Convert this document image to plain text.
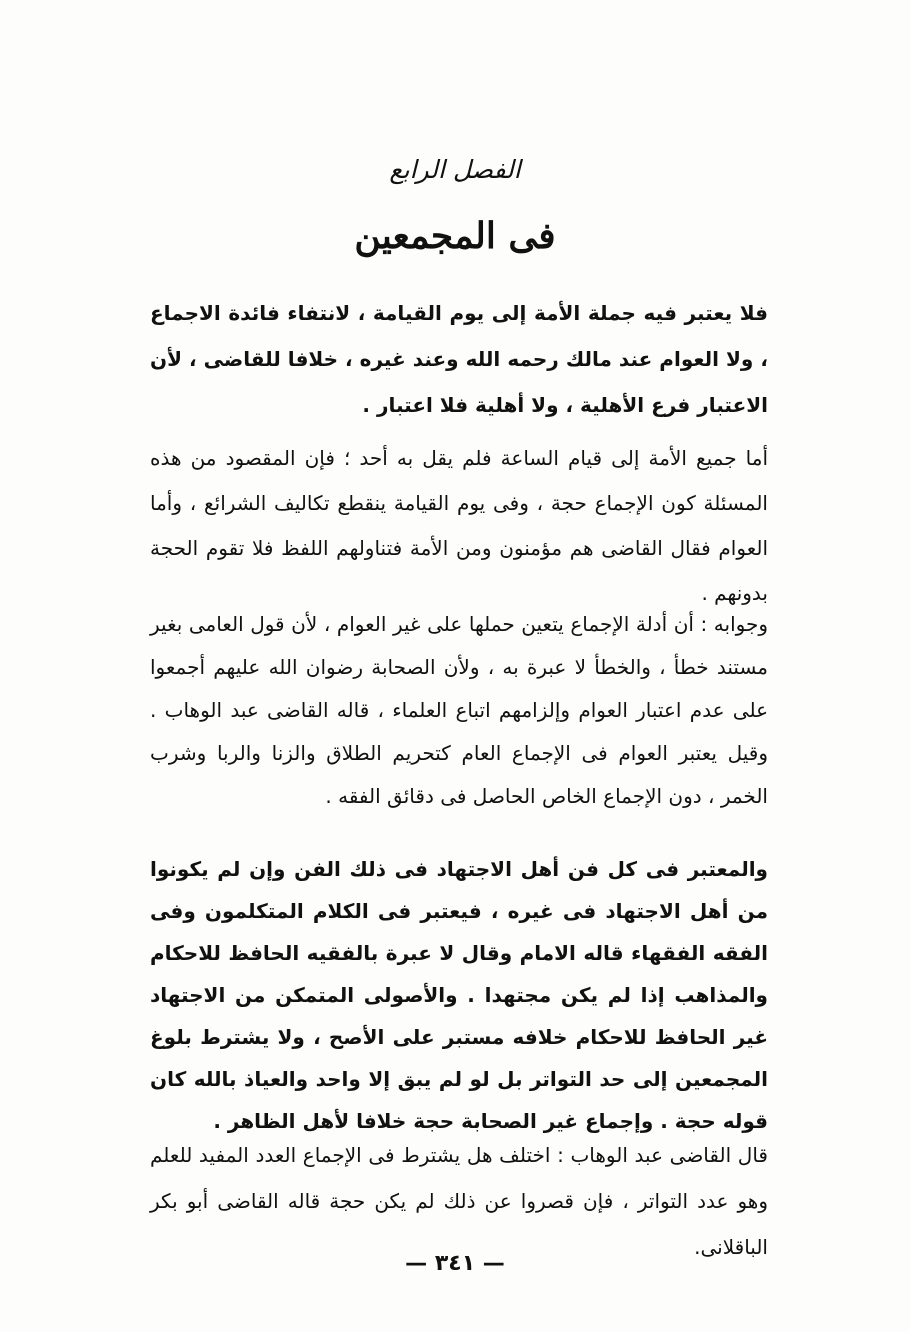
الفصل الرابع
فى المجمعين

فلا يعتبر فيه جملة الأمة إلى يوم القيامة ، لانتفاء فائدة الاجماع ، ولا العوام عند مالك رحمه الله وعند غيره ، خلافا للقاضى ، لأن الاعتبار فرع الأهلية ، ولا أهلية فلا اعتبار .

أما جميع الأمة إلى قيام الساعة فلم يقل به أحد ؛ فإن المقصود من هذه المسئلة كون الإجماع حجة ، وفى يوم القيامة ينقطع تكاليف الشرائع ، وأما العوام فقال القاضى هم مؤمنون ومن الأمة فتناولهم اللفظ فلا تقوم الحجة بدونهم .

وجوابه : أن أدلة الإجماع يتعين حملها على غير العوام ، لأن قول العامى بغير مستند خطأ ، والخطأ لا عبرة به ، ولأن الصحابة رضوان الله عليهم أجمعوا على عدم اعتبار العوام وإلزامهم اتباع العلماء ، قاله القاضى عبد الوهاب . وقيل يعتبر العوام فى الإجماع العام كتحريم الطلاق والزنا والربا وشرب الخمر ، دون الإجماع الخاص الحاصل فى دقائق الفقه .

والمعتبر فى كل فن أهل الاجتهاد فى ذلك الفن وإن لم يكونوا من أهل الاجتهاد فى غيره ، فيعتبر فى الكلام المتكلمون وفى الفقه الفقهاء قاله الامام وقال لا عبرة بالفقيه الحافظ للاحكام والمذاهب إذا لم يكن مجتهدا . والأصولى المتمكن من الاجتهاد غير الحافظ للاحكام خلافه مستبر على الأصح ، ولا يشترط بلوغ المجمعين إلى حد التواتر بل لو لم يبق إلا واحد والعياذ بالله كان قوله حجة . وإجماع غير الصحابة حجة خلافا لأهل الظاهر .

قال القاضى عبد الوهاب : اختلف هل يشترط فى الإجماع العدد المفيد للعلم وهو عدد التواتر ، فإن قصروا عن ذلك لم يكن حجة قاله القاضى أبو بكر الباقلانى.

— ٣٤١ —
